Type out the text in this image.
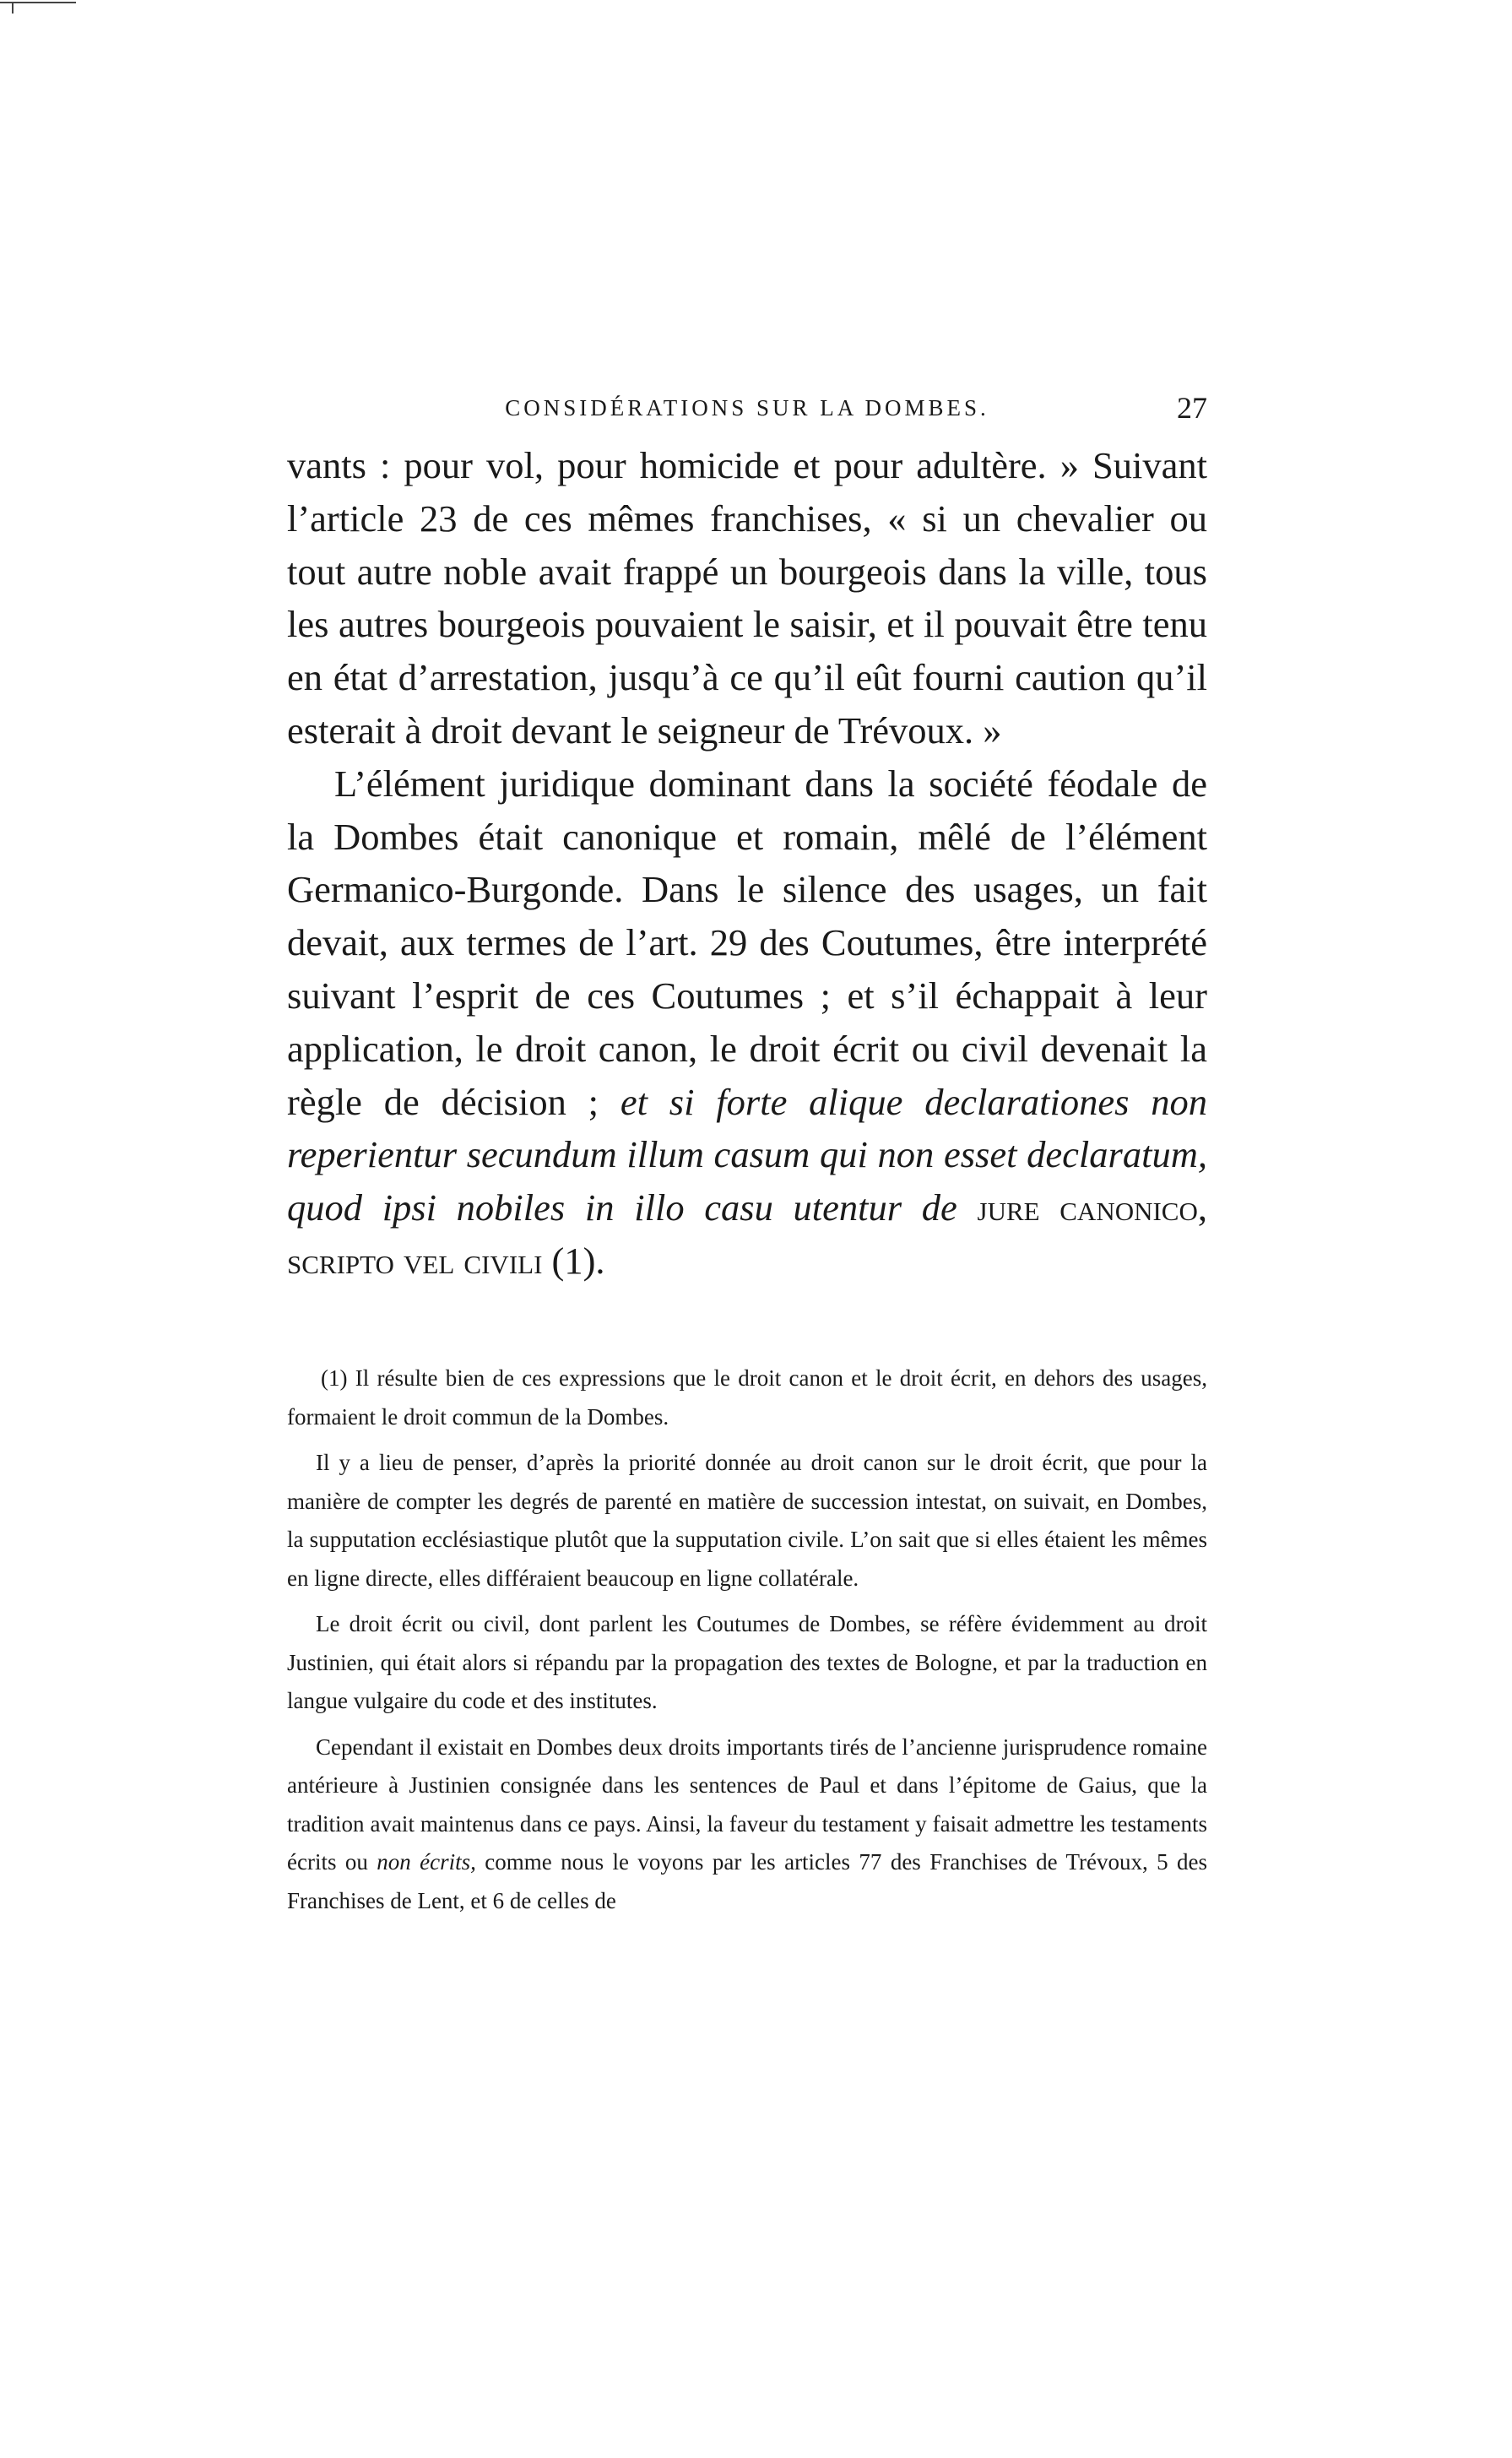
CONSIDÉRATIONS SUR LA DOMBES.	27

vants : pour vol, pour homicide et pour adultère. » Suivant l’article 23 de ces mêmes franchises, « si un chevalier ou tout autre noble avait frappé un bourgeois dans la ville, tous les autres bourgeois pouvaient le saisir, et il pouvait être tenu en état d’arrestation, jusqu’à ce qu’il eût fourni caution qu’il esterait à droit devant le seigneur de Trévoux. »

L’élément juridique dominant dans la société féodale de la Dombes était canonique et romain, mêlé de l’élément Germanico-Burgonde. Dans le silence des usages, un fait devait, aux termes de l’art. 29 des Coutumes, être interprété suivant l’esprit de ces Coutumes ; et s’il échappait à leur application, le droit canon, le droit écrit ou civil devenait la règle de décision ; et si forte alique declarationes non reperientur secundum illum casum qui non esset declaratum, quod ipsi nobiles in illo casu utentur de jure canonico, scripto vel civili (1).

(1) Il résulte bien de ces expressions que le droit canon et le droit écrit, en dehors des usages, formaient le droit commun de la Dombes.

Il y a lieu de penser, d’après la priorité donnée au droit canon sur le droit écrit, que pour la manière de compter les degrés de parenté en matière de succession intestat, on suivait, en Dombes, la supputation ecclésiastique plutôt que la supputation civile. L’on sait que si elles étaient les mêmes en ligne directe, elles différaient beaucoup en ligne collatérale.

Le droit écrit ou civil, dont parlent les Coutumes de Dombes, se réfère évidemment au droit Justinien, qui était alors si répandu par la propagation des textes de Bologne, et par la traduction en langue vulgaire du code et des institutes.

Cependant il existait en Dombes deux droits importants tirés de l’ancienne jurisprudence romaine antérieure à Justinien consignée dans les sentences de Paul et dans l’épitome de Gaius, que la tradition avait maintenus dans ce pays. Ainsi, la faveur du testament y faisait admettre les testaments écrits ou non écrits, comme nous le voyons par les articles 77 des Franchises de Trévoux, 5 des Franchises de Lent, et 6 de celles de
